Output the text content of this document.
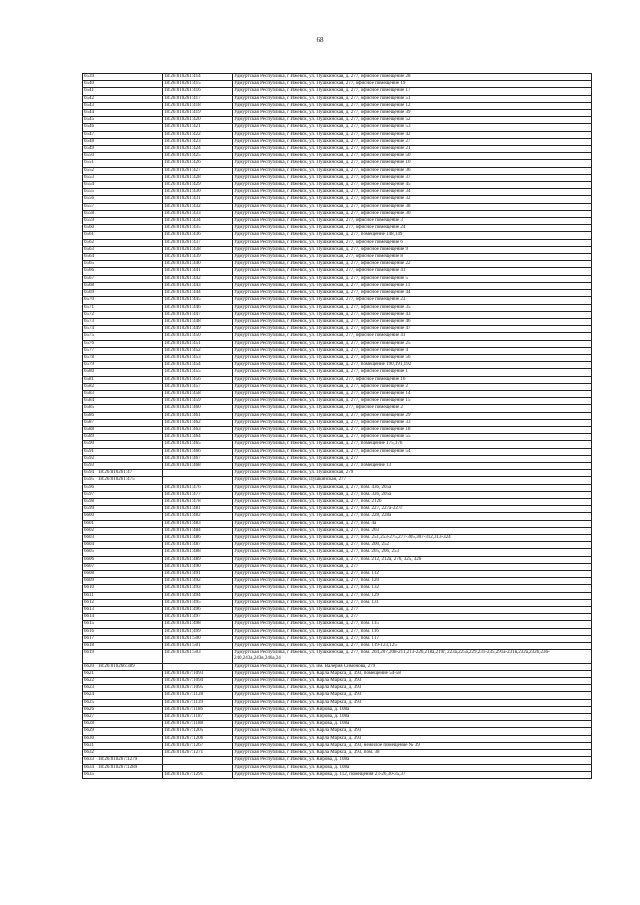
68
6539	18:26:010261:414	Удмуртская Республика, г Ижевск, ул. Пушкинская, д. 277, офисное помещение 28
6540	18:26:010261:415	Удмуртская Республика, г Ижевск, ул. Пушкинская, 277, офисное помещение 19
6541	18:26:010261:416	Удмуртская Республика, г Ижевск, ул. Пушкинская, д. 277, офисное помещение 17
6542	18:26:010261:417	Удмуртская Республика, г Ижевск, ул. Пушкинская, д. 277, офисное помещение 51
6543	18:26:010261:418	Удмуртская Республика, г Ижевск, ул. Пушкинская, д. 277, офисное помещение 12
6544	18:26:010261:419	Удмуртская Республика, г Ижевск, ул. Пушкинская, д. 277, офисное помещение 39
6545	18:26:010261:420	Удмуртская Республика, г Ижевск, ул. Пушкинская, д. 277, офисное помещение 52
6546	18:26:010261:421	Удмуртская Республика, г Ижевск, ул. Пушкинская, д. 277, офисное помещение 53
6547	18:26:010261:422	Удмуртская Республика, г Ижевск, ул. Пушкинская, д. 277, офисное помещение 42
6548	18:26:010261:423	Удмуртская Республика, г Ижевск, ул. Пушкинская, д. 277, офисное помещение 27
6549	18:26:010261:424	Удмуртская Республика, г Ижевск, ул. Пушкинская, д. 277, офисное помещение 21
6550	18:26:010261:425	Удмуртская Республика, г Ижевск, ул. Пушкинская, д. 277, офисное помещение 50
6551	18:26:010261:426	Удмуртская Республика, г Ижевск, ул. Пушкинская, д. 277, офисное помещение 10
6552	18:26:010261:427	Удмуртская Республика, г Ижевск, ул. Пушкинская, д. 277, офисное помещение 36
6553	18:26:010261:428	Удмуртская Республика, г Ижевск, ул. Пушкинская, д. 277, офисное помещение 37
6554	18:26:010261:429	Удмуртская Республика, г Ижевск, ул. Пушкинская, д. 277, офисное помещение 45
6555	18:26:010261:430	Удмуртская Республика, г Ижевск, ул. Пушкинская, д. 277, офисное помещение 34
6556	18:26:010261:431	Удмуртская Республика, г Ижевск, ул. Пушкинская, д. 277, офисное помещение 32
6557	18:26:010261:432	Удмуртская Республика, г Ижевск, ул. Пушкинская, д. 277, офисное помещение 38
6558	18:26:010261:433	Удмуртская Республика, г Ижевск, ул. Пушкинская, д. 277, офисное помещение 30
6559	18:26:010261:434	Удмуртская Республика, г Ижевск, ул. Пушкинская, 277, офисное помещение 3
6560	18:26:010261:435	Удмуртская Республика, г Ижевск, ул. Пушкинская, 277, офисное помещение 24
6561	18:26:010261:436	Удмуртская Республика, г Ижевск, ул. Пушкинская, д. 277, помещение 148,149
6562	18:26:010261:437	Удмуртская Республика, г Ижевск, ул. Пушкинская, 277, офисное помещение 6
6563	18:26:010261:438	Удмуртская Республика, г Ижевск, ул. Пушкинская, д. 277, офисное помещение 9
6564	18:26:010261:439	Удмуртская Республика, г Ижевск, ул. Пушкинская, 277, офисное помещение 8
6565	18:26:010261:440	Удмуртская Республика, г Ижевск, ул. Пушкинская, д. 277, офисное помещение 22
6566	18:26:010261:441	Удмуртская Республика, г Ижевск, ул. Пушкинская, 277, офисное помещение 41
6567	18:26:010261:442	Удмуртская Республика, г Ижевск, ул. Пушкинская, д. 277, офисное помещение 5
6568	18:26:010261:443	Удмуртская Республика, г Ижевск, ул. Пушкинская, д. 277, офисное помещение 11
6569	18:26:010261:444	Удмуртская Республика, г Ижевск, ул. Пушкинская, д. 277, офисное помещение 44
6570	18:26:010261:445	Удмуртская Республика, г Ижевск, ул. Пушкинская, 277, офисное помещение 23
6571	18:26:010261:446	Удмуртская Республика, г Ижевск, ул. Пушкинская, д. 277, офисное помещение 35
6572	18:26:010261:447	Удмуртская Республика, г Ижевск, ул. Пушкинская, д. 277, офисное помещение 43
6573	18:26:010261:448	Удмуртская Республика, г Ижевск, ул. Пушкинская, д. 277, офисное помещение 46
6574	18:26:010261:449	Удмуртская Республика, г Ижевск, ул. Пушкинская, д. 277, офисное помещение 47
6575	18:26:010261:450	Удмуртская Республика, г Ижевск, ул. Пушкинская, 277, офисное помещение 41
6576	18:26:010261:451	Удмуртская Республика, г Ижевск, ул. Пушкинская, д. 277, офисное помещение 25
6577	18:26:010261:452	Удмуртская Республика, г Ижевск, ул. Пушкинская, д. 277, офисное помещение 4
6578	18:26:010261:453	Удмуртская Республика, г Ижевск, ул. Пушкинская, д. 277, офисное помещение 56
6579	18:26:010261:454	Удмуртская Республика, г Ижевск, ул. Пушкинская, д. 277, помещение 190,191,192
6580	18:26:010261:455	Удмуртская Республика, г Ижевск, ул. Пушкинская, д. 277, офисное помещение 1
6581	18:26:010261:456	Удмуртская Республика, г Ижевск, ул. Пушкинская, 277, офисное помещение 16
6582	18:26:010261:457	Удмуртская Республика, г Ижевск, ул. Пушкинская, д. 277, офисное помещение 2
6583	18:26:010261:458	Удмуртская Республика, г Ижевск, ул. Пушкинская, д. 277, офисное помещение 14
6584	18:26:010261:459	Удмуртская Республика, г Ижевск, ул. Пушкинская, д. 277, офисное помещение 15
6585	18:26:010261:460	Удмуртская Республика, г Ижевск, ул. Пушкинская, 277, офисное помещение 2
6586	18:26:010261:461	Удмуртская Республика, г Ижевск, ул. Пушкинская, д. 277, офисное помещение 29
6587	18:26:010261:462	Удмуртская Республика, г Ижевск, ул. Пушкинская, д. 277, офисное помещение 33
6588	18:26:010261:463	Удмуртская Республика, г Ижевск, ул. Пушкинская, д. 277, офисное помещение 18
6589	18:26:010261:464	Удмуртская Республика, г Ижевск, ул. Пушкинская, д. 277, офисное помещение 55
6590	18:26:010261:465	Удмуртская Республика, г Ижевск, ул. Пушкинская, д. 277, помещение 175,176
6591	18:26:010261:466	Удмуртская Республика, г Ижевск, ул. Пушкинская, д. 277, офисное помещение 54
6592	18:26:010261:467	Удмуртская Республика, г Ижевск, ул. Пушкинская, д. 277
6593	18:26:010261:468	Удмуртская Республика, г Ижевск, ул. Пушкинская, д. 277, помещение 13
6594 18:26:010261:47		Удмуртская Республика, г Ижевск, ул. Пушкинская, 279
6595 18:26:010261:475		Удмуртская Республика, г Ижевск, Пушкинская, 277
6596	18:26:010261:476	Удмуртская Республика, г Ижевск, ул. Пушкинская, д. 277, пом. 43б, 205а
6597	18:26:010261:477	Удмуртская Республика, г Ижевск, ул. Пушкинская, д. 277, пом. 32б, 205а
6598	18:26:010261:478	Удмуртская Республика, г Ижевск, ул. Пушкинская, д. 277, пом. 212б
6599	18:26:010261:481	Удмуртская Республика, г Ижевск, ул. Пушкинская, д. 277, пом. 227, 227а-227г
6600	18:26:010261:482	Удмуртская Республика, г Ижевск, ул. Пушкинская, д. 277, пом. 228, 228а
6601	18:26:010261:483	Удмуртская Республика, г Ижевск, ул. Пушкинская, д. 277, пом. 4а
6602	18:26:010261:484	Удмуртская Республика, г Ижевск, ул. Пушкинская, д. 277, пом. 203
6603	18:26:010261:486	Удмуртская Республика, г Ижевск, ул. Пушкинская, д. 277, пом. 251,253-275,277-305,307-312,313-324
6604	18:26:010261:487	Удмуртская Республика, г Ижевск, ул. Пушкинская, д. 277, пом. 200, 252
6605	18:26:010261:488	Удмуртская Республика, г Ижевск, ул. Пушкинская, д. 277, пом. 205, 206, 253
6606	18:26:010261:489	Удмуртская Республика, г Ижевск, ул. Пушкинская, д. 277, пом. 212, 212а, 276, 325, 326
6607	18:26:010261:490	Удмуртская Республика, г Ижевск, ул. Пушкинская, д. 277
6608	18:26:010261:491	Удмуртская Республика, г Ижевск, ул. Пушкинская, д. 277, пом. 112
6609	18:26:010261:492	Удмуртская Республика, г Ижевск, ул. Пушкинская, д. 277, пом. 120
6610	18:26:010261:493	Удмуртская Республика, г Ижевск, ул. Пушкинская, д. 277, пом. 132
6611	18:26:010261:494	Удмуртская Республика, г Ижевск, ул. Пушкинская, д. 277, пом. 129
6612	18:26:010261:495	Удмуртская Республика, г Ижевск, ул. Пушкинская, д. 277, пом. 131
6613	18:26:010261:496	Удмуртская Республика, г Ижевск, ул. Пушкинская, д. 277
6614	18:26:010261:497	Удмуртская Республика, г Ижевск, ул. Пушкинская, д. 277
6615	18:26:010261:498	Удмуртская Республика, г Ижевск, ул. Пушкинская, д. 277, пом. 115
6616	18:26:010261:499	Удмуртская Республика, г Ижевск, ул. Пушкинская, д. 277, пом. 116
6617	18:26:010261:500	Удмуртская Республика, г Ижевск, ул. Пушкинская, д. 277, пом. 117
6618	18:26:010261:501	Удмуртская Республика, г Ижевск, ул. Пушкинская, д. 277, пом. 119-123,125
6619	18:26:010261:503	Удмуртская Республика, г Ижевск, ул. Пушкинская, д. 277, пом. 204,207,208-211,213-226,218а,219г, 223а,225а,229,231-235,291а-231в,232а,232б,236-240,243а,243в,246а,24
6620 18:26:010266:389		Удмуртская Республика, г Ижевск, ул. им. Валерия Симонова, 279
6621	18:26:010267:1093	Удмуртская Республика, г Ижевск, ул. Карла Маркса, д. 393, помещение 54-58
6622	18:26:010267:1094	Удмуртская Республика, г Ижевск, ул. Карла Маркса, д. 393
6623	18:26:010267:1095	Удмуртская Республика, г Ижевск, ул. Карла Маркса, д. 393
6624	18:26:010267:1128	Удмуртская Республика, г Ижевск, ул. Карла Маркса, д. 393
6625	18:26:010267:1139	Удмуртская Республика, г Ижевск, ул. Карла Маркса, д. 393
6626	18:26:010267:1186	Удмуртская Республика, г Ижевск, ул. Кирова, д. 108а
6627	18:26:010267:1187	Удмуртская Республика, г Ижевск, ул. Кирова, д. 108а
6628	18:26:010267:1188	Удмуртская Республика, г Ижевск, ул. Кирова, д. 108а
6629	18:26:010267:1205	Удмуртская Республика, г Ижевск, ул. Карла Маркса, д. 393
6630	18:26:010267:1206	Удмуртская Республика, г Ижевск, ул. Карла Маркса, д. 393
6631	18:26:010267:1267	Удмуртская Республика, г Ижевск, ул. Карла Маркса, д. 393, нежилое помещение № 39
6632	18:26:010267:1271	Удмуртская Республика, г Ижевск, ул. Карла Маркса, д. 393, пом. 38
6633 18:26:010267:1279		Удмуртская Республика, г Ижевск, ул. Кирова, д. 108а
6634 18:26:010267:1289		Удмуртская Республика, г Ижевск, ул. Кирова, д. 108а
6635	18:26:010267:1291	Удмуртская Республика, г Ижевск, ул. Кирова, д. 112, помещения 23-26,30-35,37
